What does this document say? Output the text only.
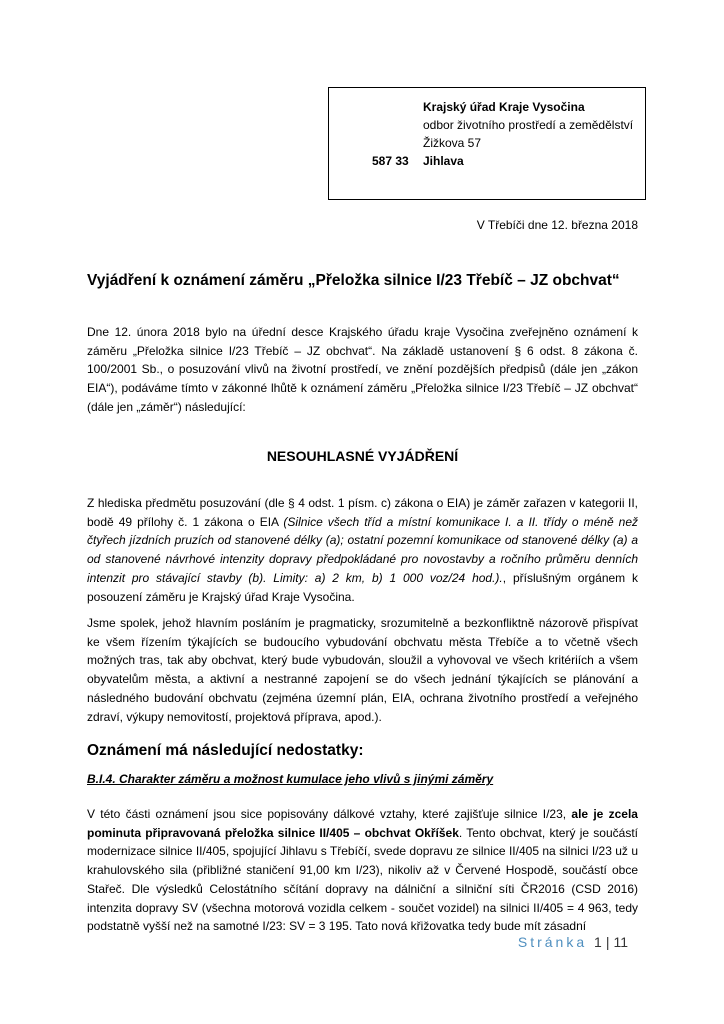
Krajský úřad Kraje Vysočina
odbor životního prostředí a zemědělství
Žižkova 57
587 33 Jihlava
V Třebíči dne 12. března 2018
Vyjádření k oznámení záměru „Přeložka silnice I/23 Třebíč – JZ obchvat“

Dne 12. února 2018 bylo na úřední desce Krajského úřadu kraje Vysočina zveřejněno oznámení k záměru „Přeložka silnice I/23 Třebíč – JZ obchvat“. Na základě ustanovení § 6 odst. 8 zákona č. 100/2001 Sb., o posuzování vlivů na životní prostředí, ve znění pozdějších předpisů (dále jen „zákon EIA“), podáváme tímto v zákonné lhůtě k oznámení záměru „Přeložka silnice I/23 Třebíč – JZ obchvat“ (dále jen „záměr“) následující:

NESOUHLASNÉ VYJÁDŘENÍ

Z hlediska předmětu posuzování (dle § 4 odst. 1 písm. c) zákona o EIA) je záměr zařazen v kategorii II, bodě 49 přílohy č. 1 zákona o EIA (Silnice všech tříd a místní komunikace I. a II. třídy o méně než čtyřech jízdních pruzích od stanovené délky (a); ostatní pozemní komunikace od stanovené délky (a) a od stanovené návrhové intenzity dopravy předpokládané pro novostavby a ročního průměru denních intenzit pro stávající stavby (b). Limity: a) 2 km, b) 1 000 voz/24 hod.)., příslušným orgánem k posouzení záměru je Krajský úřad Kraje Vysočina.

Jsme spolek, jehož hlavním posláním je pragmaticky, srozumitelně a bezkonfliktně názorově přispívat ke všem řízením týkajících se budoucího vybudování obchvatu města Třebíče a to včetně všech možných tras, tak aby obchvat, který bude vybudován, sloužil a vyhovoval ve všech kritériích a všem obyvatelům města, a aktivní a nestranné zapojení se do všech jednání týkajících se plánování a následného budování obchvatu (zejména územní plán, EIA, ochrana životního prostředí a veřejného zdraví, výkupy nemovitostí, projektová příprava, apod.).

Oznámení má následující nedostatky:
B.I.4. Charakter záměru a možnost kumulace jeho vlivů s jinými záměry

V této části oznámení jsou sice popisovány dálkové vztahy, které zajišťuje silnice I/23, ale je zcela pominuta připravovaná přeložka silnice II/405 – obchvat Okříšek. Tento obchvat, který je součástí modernizace silnice II/405, spojující Jihlavu s Třebíčí, svede dopravu ze silnice II/405 na silnici I/23 už u krahulovského sila (přibližné staničení 91,00 km I/23), nikoliv až v Červené Hospodě, součástí obce Stařeč. Dle výsledků Celostátního sčítání dopravy na dálniční a silniční síti ČR2016 (CSD 2016) intenzita dopravy SV (všechna motorová vozidla celkem - součet vozidel) na silnici II/405 = 4 963, tedy podstatně vyšší než na samotné I/23: SV = 3 195. Tato nová křižovatka tedy bude mít zásadní

Stránka 1 | 11
